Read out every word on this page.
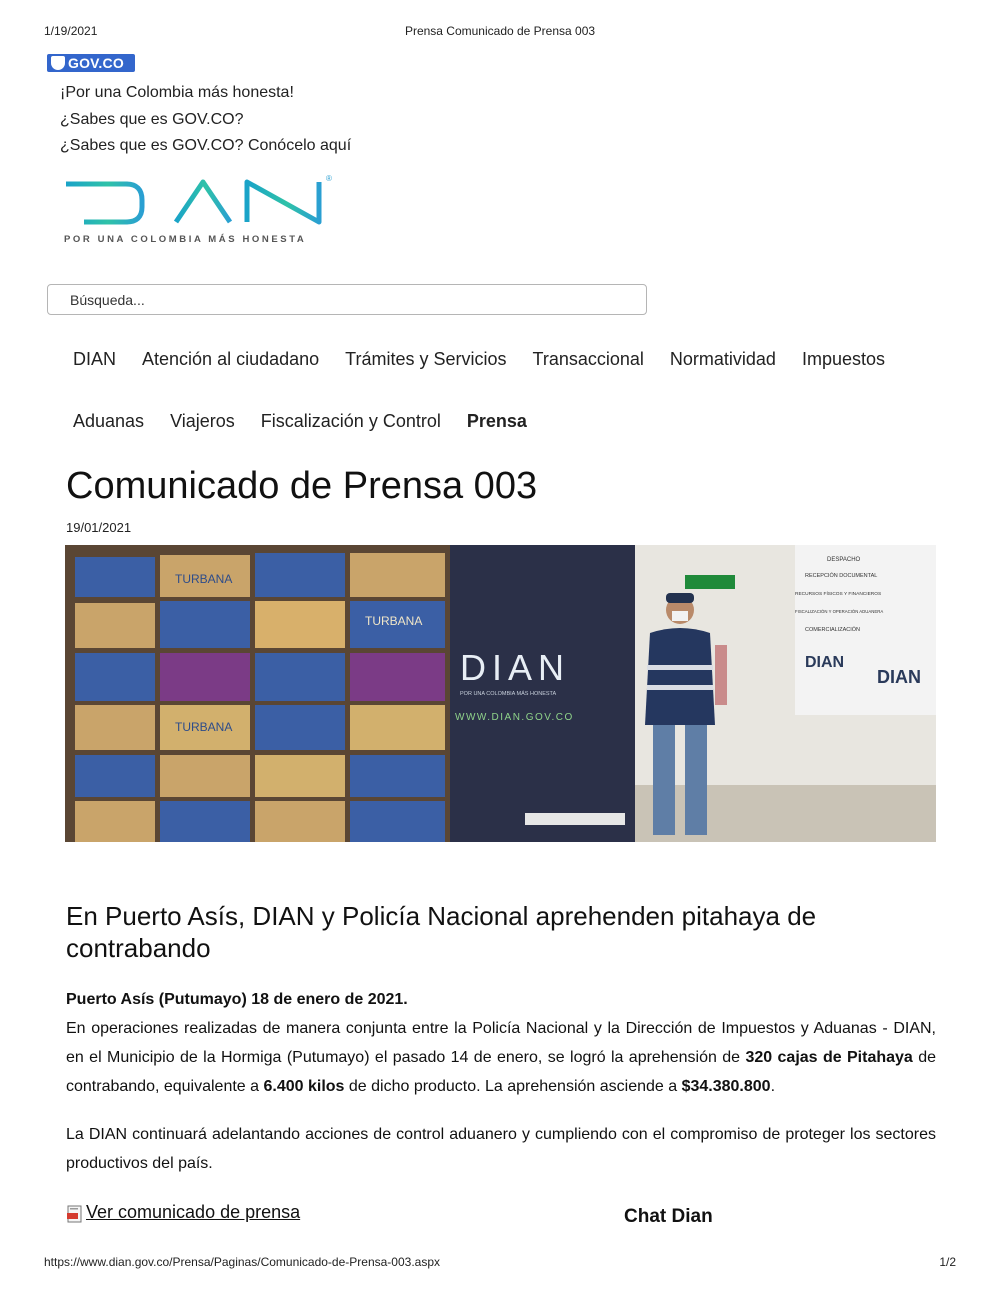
1/19/2021	Prensa Comunicado de Prensa 003
GOV.CO
¡Por una Colombia más honesta!
¿Sabes que es GOV.CO?
¿Sabes que es GOV.CO? Conócelo aquí
®
POR UNA COLOMBIA MÁS HONESTA
Búsqueda...
DIAN Atención al ciudadano Trámites y Servicios Transaccional Normatividad Impuestos
Aduanas Viajeros Fiscalización y Control Prensa
Comunicado de Prensa 003
19/01/2021
TURBANA
TURBANA
TURBANA
DIAN
POR UNA COLOMBIA MÁS HONESTA
WWW.DIAN.GOV.CO
DESPACHO
RECEPCIÓN DOCUMENTAL
RECURSOS FÍSICOS Y FINANCIEROS
FISCALIZACIÓN Y OPERACIÓN ADUANERA
COMERCIALIZACIÓN
DIAN
DIAN
En Puerto Asís, DIAN y Policía Nacional aprehenden pitahaya de contrabando
Puerto Asís (Putumayo) 18 de enero de 2021.
En operaciones realizadas de manera conjunta entre la Policía Nacional y la Dirección de Impuestos y Aduanas - DIAN, en el Municipio de la Hormiga (Putumayo) el pasado 14 de enero, se logró la aprehensión de 320 cajas de Pitahaya de contrabando, equivalente a 6.400 kilos de dicho producto. La aprehensión asciende a $34.380.800.
La DIAN continuará adelantando acciones de control aduanero y cumpliendo con el compromiso de proteger los sectores productivos del país.
Ver comunicado de prensa	Chat Dian
https://www.dian.gov.co/Prensa/Paginas/Comunicado-de-Prensa-003.aspx	1/2
